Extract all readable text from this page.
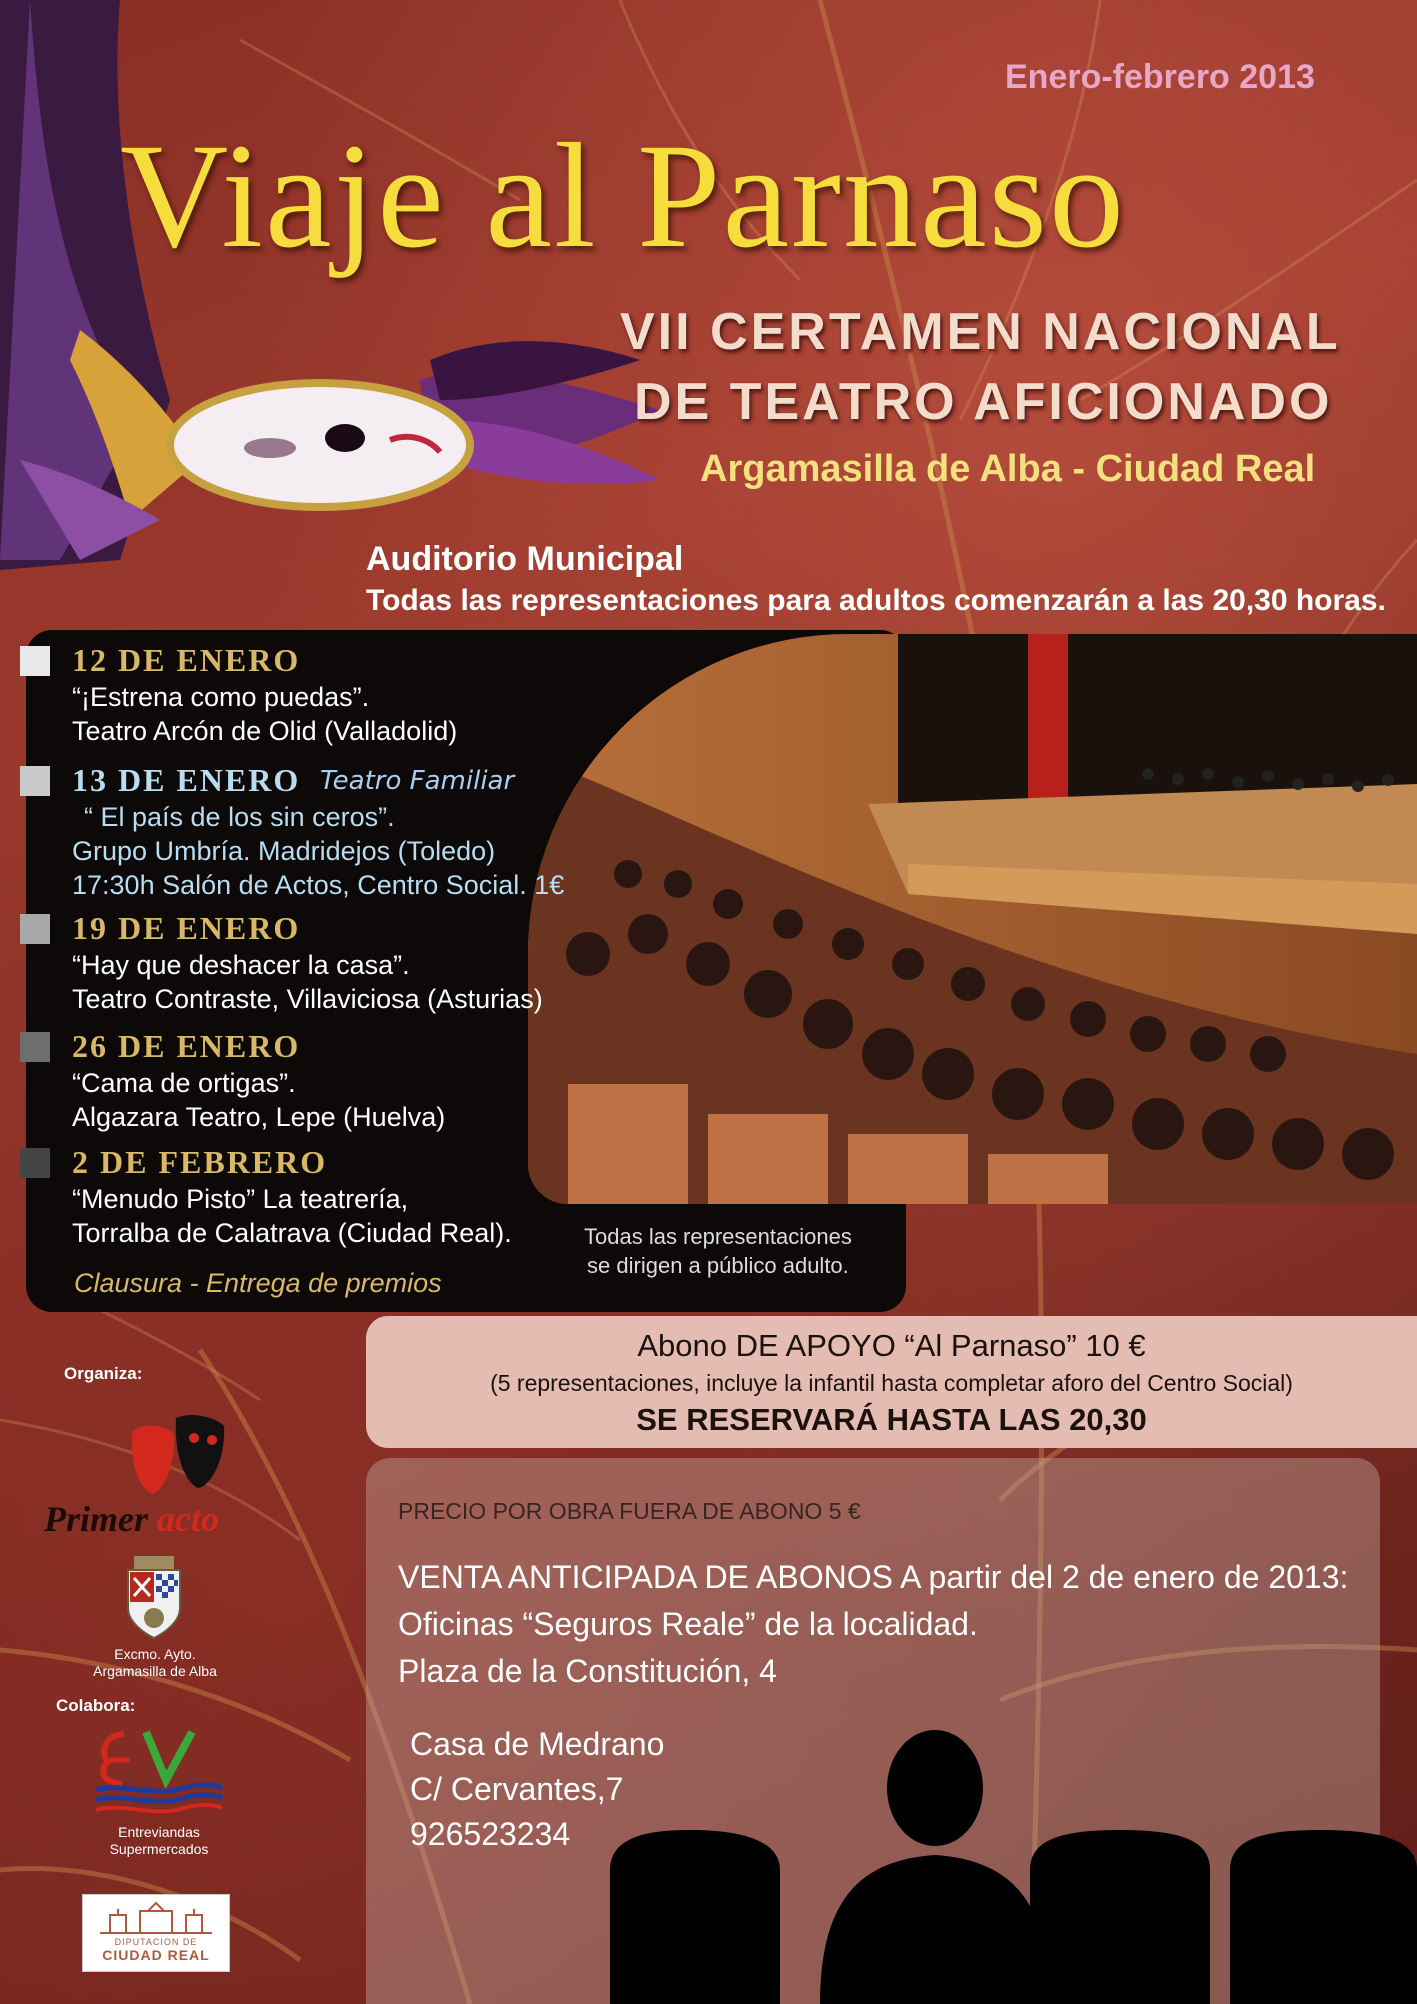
Enero-febrero 2013
Viaje al Parnaso
VII CERTAMEN NACIONAL
DE TEATRO AFICIONADO
Argamasilla de Alba - Ciudad Real
Auditorio Municipal
Todas las representaciones para adultos comenzarán a las 20,30 horas.
12 DE ENERO
“¡Estrena como puedas”.
Teatro Arcón de Olid (Valladolid)
13 DE ENERO Teatro Familiar
“ El país de los sin ceros”.
Grupo Umbría. Madridejos (Toledo)
17:30h Salón de Actos, Centro Social. 1€
19 DE ENERO
“Hay que deshacer la casa”.
Teatro Contraste, Villaviciosa (Asturias)
26 DE ENERO
“Cama de ortigas”.
Algazara Teatro, Lepe (Huelva)
2 DE FEBRERO
“Menudo Pisto” La teatrería,
Torralba de Calatrava (Ciudad Real).
Clausura - Entrega de premios
Todas las representaciones
se dirigen a público adulto.
Abono DE APOYO “Al Parnaso” 10 €
(5 representaciones, incluye la infantil hasta completar aforo del Centro Social)
SE RESERVARÁ HASTA LAS 20,30
PRECIO POR OBRA FUERA DE ABONO 5 €
VENTA ANTICIPADA DE ABONOS A partir del 2 de enero de 2013:
Oficinas “Seguros Reale” de la localidad.
Plaza de la Constitución, 4
Casa de Medrano
C/ Cervantes,7
926523234
Organiza:
Primer acto
Excmo. Ayto.
Argamasilla de Alba
Colabora:
Entreviandas
Supermercados
DIPUTACION DE
CIUDAD REAL
